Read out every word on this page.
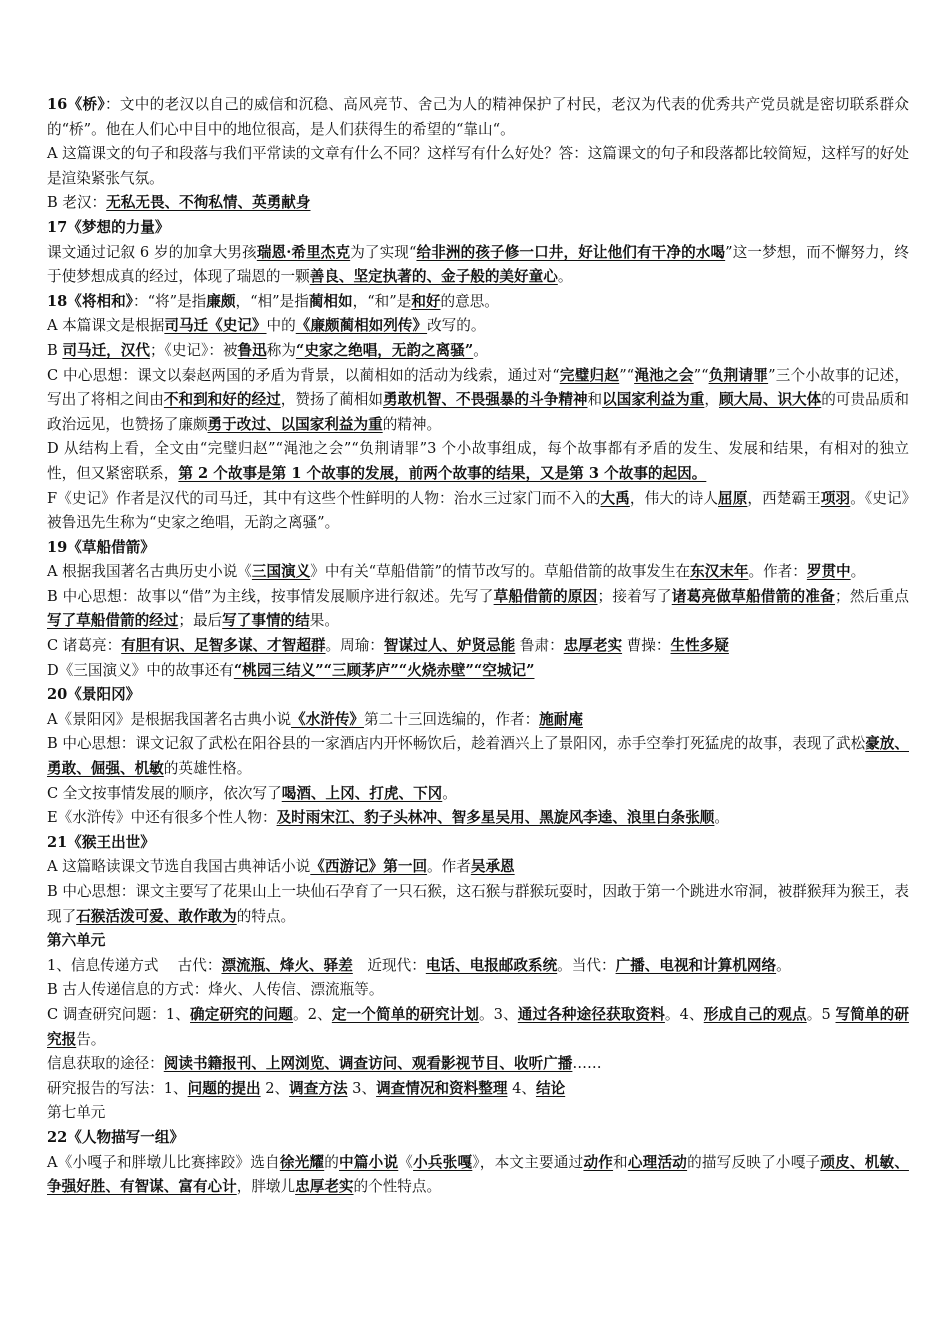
16《桥》：文中的老汉以自己的威信和沉稳、高风亮节、舍己为人的精神保护了村民，老汉为代表的优秀共产党员就是密切联系群众的“桥”。他在人们心中目中的地位很高，是人们获得生的希望的“靠山“。

A 这篇课文的句子和段落与我们平常读的文章有什么不同？这样写有什么好处？答：这篇课文的句子和段落都比较简短，这样写的好处是渲染紧张气氛。

B 老汉：无私无畏、不徇私情、英勇献身

17《梦想的力量》

课文通过记叙 6 岁的加拿大男孩瑞恩·希里杰克为了实现“给非洲的孩子修一口井，好让他们有干净的水喝”这一梦想，而不懈努力，终于使梦想成真的经过，体现了瑞恩的一颗善良、坚定执著的、金子般的美好童心。

18《将相和》：“将”是指廉颇，“相”是指蔺相如，“和”是和好的意思。

A 本篇课文是根据司马迁《史记》中的《廉颇蔺相如列传》改写的。

B 司马迁，汉代；《史记》：被鲁迅称为“史家之绝唱，无韵之离骚”。

C 中心思想：课文以秦赵两国的矛盾为背景，以蔺相如的活动为线索，通过对“完璧归赵”“渑池之会”“负荆请罪”三个小故事的记述，写出了将相之间由不和到和好的经过，赞扬了蔺相如勇敢机智、不畏强暴的斗争精神和以国家利益为重，顾大局、识大体的可贵品质和政治远见，也赞扬了廉颇勇于改过、以国家利益为重的精神。

D 从结构上看，全文由“完璧归赵”“渑池之会”“负荆请罪”3 个小故事组成，每个故事都有矛盾的发生、发展和结果，有相对的独立性，但又紧密联系，第 2 个故事是第 1 个故事的发展，前两个故事的结果，又是第 3 个故事的起因。

F《史记》作者是汉代的司马迁，其中有这些个性鲜明的人物：治水三过家门而不入的大禹，伟大的诗人屈原，西楚霸王项羽。《史记》被鲁迅先生称为“史家之绝唱，无韵之离骚”。

19《草船借箭》

A 根据我国著名古典历史小说《三国演义》中有关“草船借箭”的情节改写的。草船借箭的故事发生在东汉末年。作者：罗贯中。

B 中心思想：故事以“借”为主线，按事情发展顺序进行叙述。先写了草船借箭的原因；接着写了诸葛亮做草船借箭的准备；然后重点写了草船借箭的经过；最后写了事情的结果。

C 诸葛亮：有胆有识、足智多谋、才智超群。周瑜：智谋过人、妒贤忌能 鲁肃：忠厚老实 曹操：生性多疑

D《三国演义》中的故事还有“桃园三结义”“三顾茅庐”“火烧赤壁”“空城记”

20《景阳冈》

A《景阳冈》是根据我国著名古典小说《水浒传》第二十三回选编的，作者：施耐庵

B 中心思想：课文记叙了武松在阳谷县的一家酒店内开怀畅饮后，趁着酒兴上了景阳冈，赤手空拳打死猛虎的故事，表现了武松豪放、勇敢、倔强、机敏的英雄性格。

C 全文按事情发展的顺序，依次写了喝酒、上冈、打虎、下冈。

E《水浒传》中还有很多个性人物：及时雨宋江、豹子头林冲、智多星吴用、黑旋风李逵、浪里白条张顺。

21《猴王出世》

A 这篇略读课文节选自我国古典神话小说《西游记》第一回。作者吴承恩

B 中心思想：课文主要写了花果山上一块仙石孕育了一只石猴，这石猴与群猴玩耍时，因敢于第一个跳进水帘洞，被群猴拜为猴王，表现了石猴活泼可爱、敢作敢为的特点。

第六单元

1、信息传递方式　 古代：漂流瓶、烽火、驿差　近现代：电话、电报邮政系统。当代：广播、电视和计算机网络。

B 古人传递信息的方式：烽火、人传信、漂流瓶等。

C 调查研究问题：1、确定研究的问题。2、定一个简单的研究计划。3、通过各种途径获取资料。4、形成自己的观点。5 写简单的研究报告。

信息获取的途径：阅读书籍报刊、上网浏览、调查访问、观看影视节目、收听广播……

研究报告的写法：1、问题的提出 2、调查方法 3、调查情况和资料整理 4、结论

第七单元

22《人物描写一组》

A《小嘎子和胖墩儿比赛摔跤》选自徐光耀的中篇小说《小兵张嘎》，本文主要通过动作和心理活动的描写反映了小嘎子顽皮、机敏、争强好胜、有智谋、富有心计，胖墩儿忠厚老实的个性特点。
